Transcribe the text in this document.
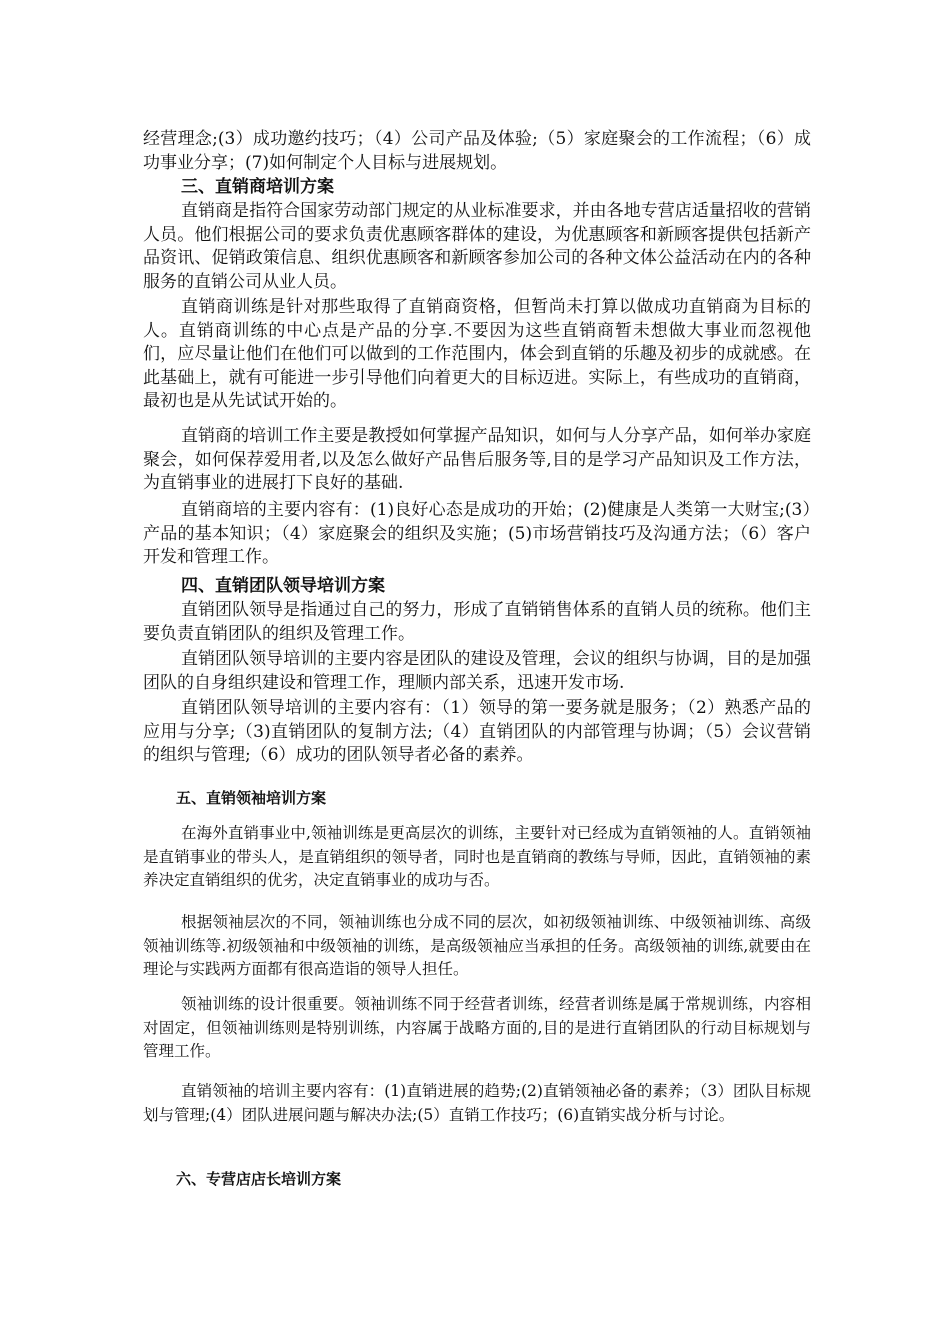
经营理念;(3）成功邀约技巧；（4）公司产品及体验;（5）家庭聚会的工作流程；（6）成功事业分享；(7)如何制定个人目标与进展规划。

三、直销商培训方案

直销商是指符合国家劳动部门规定的从业标准要求，并由各地专营店适量招收的营销人员。他们根据公司的要求负责优惠顾客群体的建设，为优惠顾客和新顾客提供包括新产品资讯、促销政策信息、组织优惠顾客和新顾客参加公司的各种文体公益活动在内的各种服务的直销公司从业人员。

直销商训练是针对那些取得了直销商资格，但暂尚未打算以做成功直销商为目标的人。直销商训练的中心点是产品的分享.不要因为这些直销商暂未想做大事业而忽视他们，应尽量让他们在他们可以做到的工作范围内，体会到直销的乐趣及初步的成就感。在此基础上，就有可能进一步引导他们向着更大的目标迈进。实际上，有些成功的直销商，最初也是从先试试开始的。

直销商的培训工作主要是教授如何掌握产品知识，如何与人分享产品，如何举办家庭聚会，如何保荐爱用者,以及怎么做好产品售后服务等,目的是学习产品知识及工作方法，为直销事业的进展打下良好的基础.

直销商培的主要内容有：(1)良好心态是成功的开始；(2)健康是人类第一大财宝;(3）产品的基本知识；（4）家庭聚会的组织及实施；(5)市场营销技巧及沟通方法；（6）客户开发和管理工作。

四、直销团队领导培训方案

直销团队领导是指通过自己的努力，形成了直销销售体系的直销人员的统称。他们主要负责直销团队的组织及管理工作。

直销团队领导培训的主要内容是团队的建设及管理，会议的组织与协调，目的是加强团队的自身组织建设和管理工作，理顺内部关系，迅速开发市场.

直销团队领导培训的主要内容有：（1）领导的第一要务就是服务；（2）熟悉产品的应用与分享;（3)直销团队的复制方法;（4）直销团队的内部管理与协调；（5）会议营销的组织与管理;（6）成功的团队领导者必备的素养。

五、直销领袖培训方案

在海外直销事业中,领袖训练是更高层次的训练，主要针对已经成为直销领袖的人。直销领袖是直销事业的带头人，是直销组织的领导者，同时也是直销商的教练与导师，因此，直销领袖的素养决定直销组织的优劣，决定直销事业的成功与否。

根据领袖层次的不同，领袖训练也分成不同的层次，如初级领袖训练、中级领袖训练、高级领袖训练等.初级领袖和中级领袖的训练，是高级领袖应当承担的任务。高级领袖的训练,就要由在理论与实践两方面都有很高造诣的领导人担任。

领袖训练的设计很重要。领袖训练不同于经营者训练，经营者训练是属于常规训练，内容相对固定，但领袖训练则是特别训练，内容属于战略方面的,目的是进行直销团队的行动目标规划与管理工作。

直销领袖的培训主要内容有：(1)直销进展的趋势;(2)直销领袖必备的素养；（3）团队目标规划与管理;(4）团队进展问题与解决办法;(5）直销工作技巧；(6)直销实战分析与讨论。

六、专营店店长培训方案
